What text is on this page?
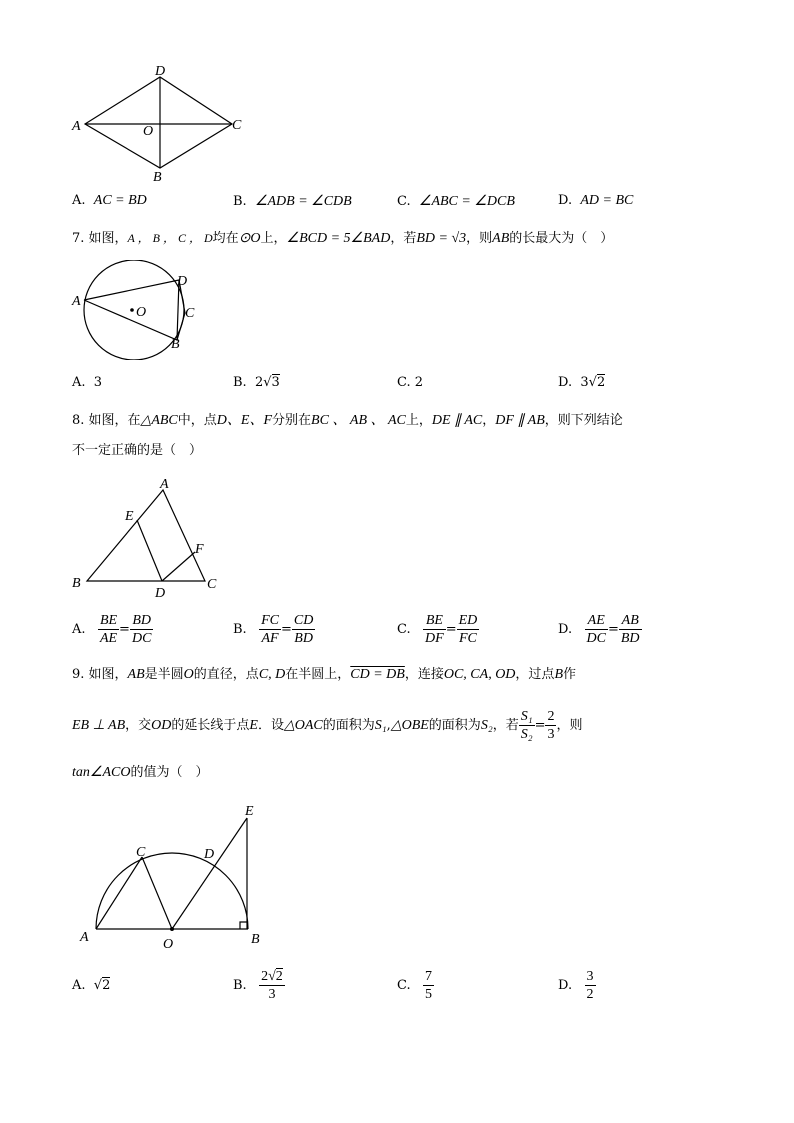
D
A	O	C
B
A. AC = BD	B. ∠ADB = ∠CDB	C. ∠ABC = ∠DCB	D. AD = BC
7. 如图，A ， B ， C ， D均在⊙O上，∠BCD = 5∠BAD，若BD = √3，则AB的长最大为（　）
A
O
D
C
B
A. 3	B. 2√3	C. 2	D. 3√2
8. 如图，在△ABC中，点D、E、F分别在BC 、 AB 、 AC上，DE ∥ AC，DF ∥ AB，则下列结论
不一定正确的是（　）
A
E
F
B
D
C
A. $\frac{BE}{AE} = \frac{BD}{DC}$	B. $\frac{FC}{AF} = \frac{CD}{BD}$	C. $\frac{BE}{DF} = \frac{ED}{FC}$	D. $\frac{AE}{DC} = \frac{AB}{BD}$
9. 如图，AB是半圆O的直径，点C, D在半圆上，CD = DB，连接OC, CA, OD，过点B作
EB ⊥ AB，交OD的延长线于点E．设△OAC的面积为S₁,△OBE的面积为S₂，若 $\frac{\text{S₁}}{\text{S₂}} = \frac{2}{3}$ ，则
tan∠ACO的值为（　）
E
C	D
A	O	B
A. √2	B. $\frac{2√2}{3}$	C. $\frac{7}{5}$	D. $\frac{3}{2}$
